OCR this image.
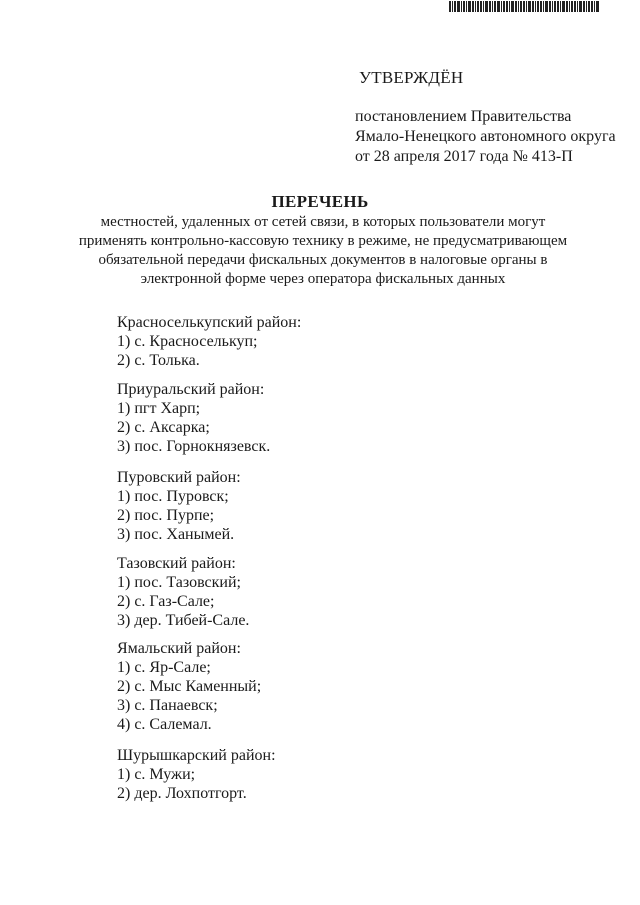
УТВЕРЖДЁН
постановлением Правительства
Ямало-Ненецкого автономного округа
от 28 апреля 2017 года № 413-П
ПЕРЕЧЕНЬ
местностей, удаленных от сетей связи, в которых пользователи могут
применять контрольно-кассовую технику в режиме, не предусматривающем
обязательной передачи фискальных документов в налоговые органы в
электронной форме через оператора фискальных данных
Красноселькупский район:
1) с. Красноселькуп;
2) с. Толька.
Приуральский район:
1) пгт Харп;
2) с. Аксарка;
3) пос. Горнокнязевск.
Пуровский район:
1) пос. Пуровск;
2) пос. Пурпе;
3) пос. Ханымей.
Тазовский район:
1) пос. Тазовский;
2) с. Газ-Сале;
3) дер. Тибей-Сале.
Ямальский район:
1) с. Яр-Сале;
2) с. Мыс Каменный;
3) с. Панаевск;
4) с. Салемал.
Шурышкарский район:
1) с. Мужи;
2) дер. Лохпотгорт.
